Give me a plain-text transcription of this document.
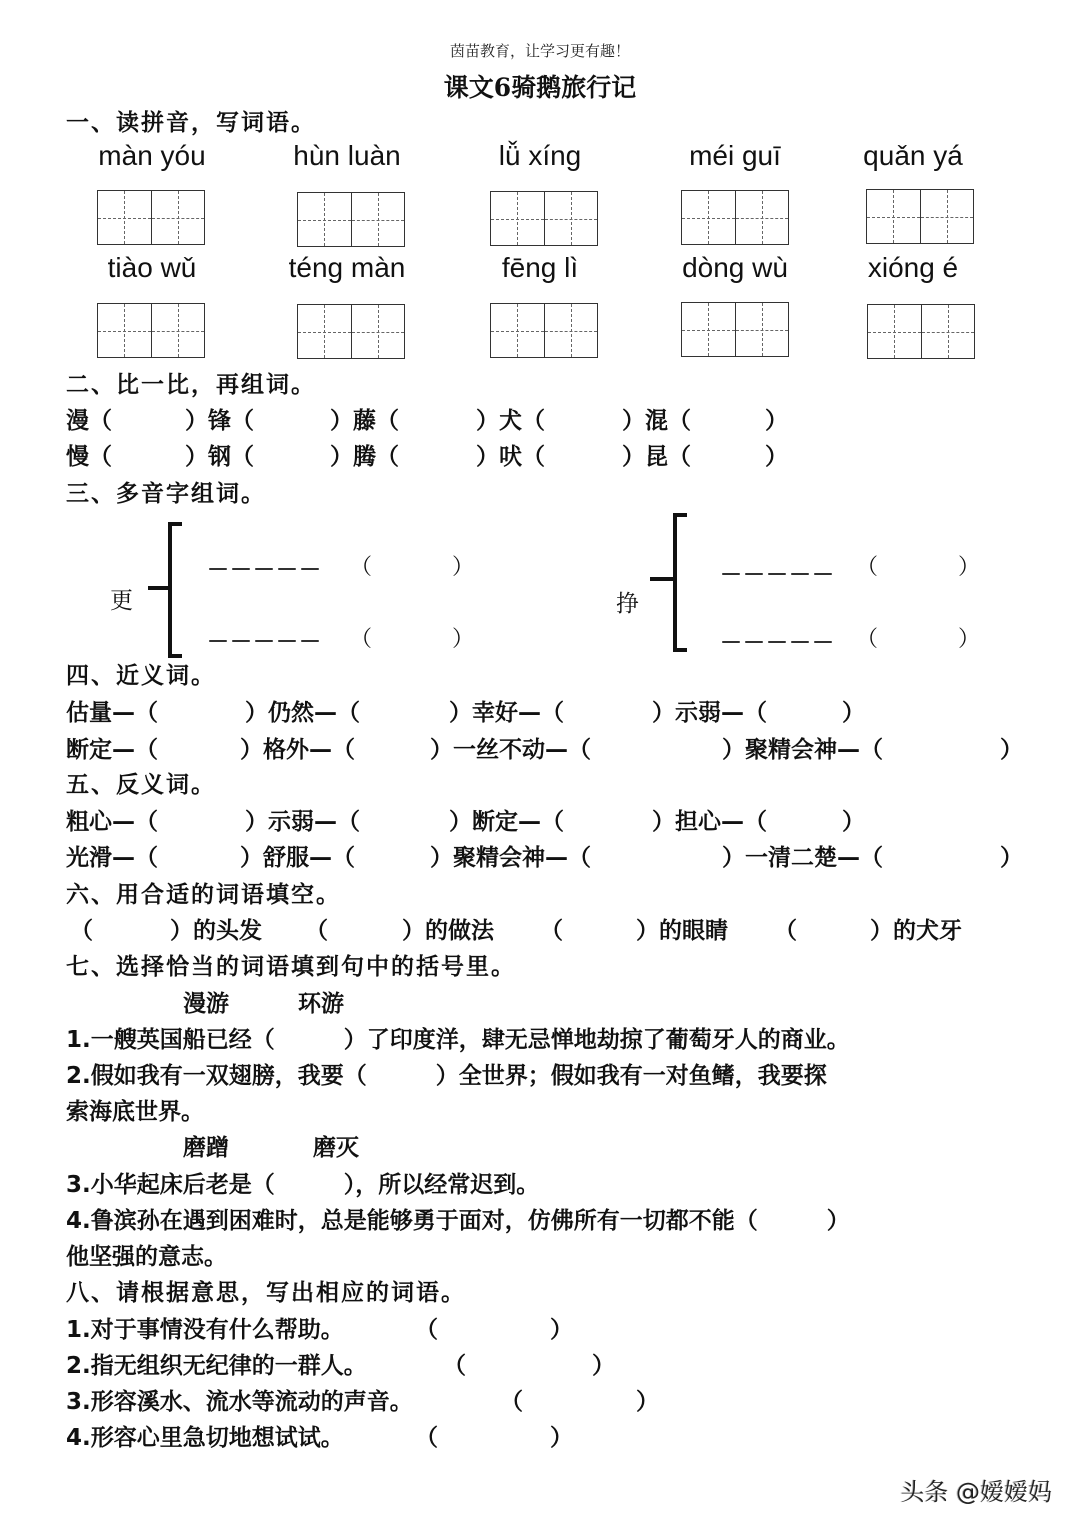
茵苗教育，让学习更有趣！
课文6骑鹅旅行记
一、读拼音，写词语。
màn yóu	hùn luàn	lǚ xíng	méi guī	quǎn yá
tiào wǔ	téng màn	fēng lì	dòng wù	xióng é
二、比一比，再组词。
漫（	）锋（	）藤（	）犬（	）混（	）
慢（	）钢（	）腾（	）吠（	）昆（	）
三、多音字组词。
更
－－－－－ （	）
－－－－－ （	）
挣
－－－－－ （	）
－－－－－ （	）
四、近义词。
估量—（	）仍然—（	）幸好—（	）示弱—（	）
断定—（	）格外—（	）一丝不动—（	）聚精会神—（	）
五、反义词。
粗心—（	）示弱—（	）断定—（	）担心—（	）
光滑—（	）舒服—（	）聚精会神—（	）一清二楚—（	）
六、用合适的词语填空。
（	）的头发 （	）的做法 （	）的眼睛 （	）的犬牙
七、选择恰当的词语填到句中的括号里。
漫游	环游
1.一艘英国船已经（　　　）了印度洋，肆无忌惮地劫掠了葡萄牙人的商业。
2.假如我有一双翅膀，我要（　　　）全世界；假如我有一对鱼鳍，我要探
索海底世界。
磨蹭	磨灭
3.小华起床后老是（　　　），所以经常迟到。
4.鲁滨孙在遇到困难时，总是能够勇于面对，仿佛所有一切都不能（　　　）
他坚强的意志。
八、请根据意思，写出相应的词语。
1.对于事情没有什么帮助。	（	）
2.指无组织无纪律的一群人。	（	）
3.形容溪水、流水等流动的声音。	（	）
4.形容心里急切地想试试。	（	）
头条 @嫒嫒妈
